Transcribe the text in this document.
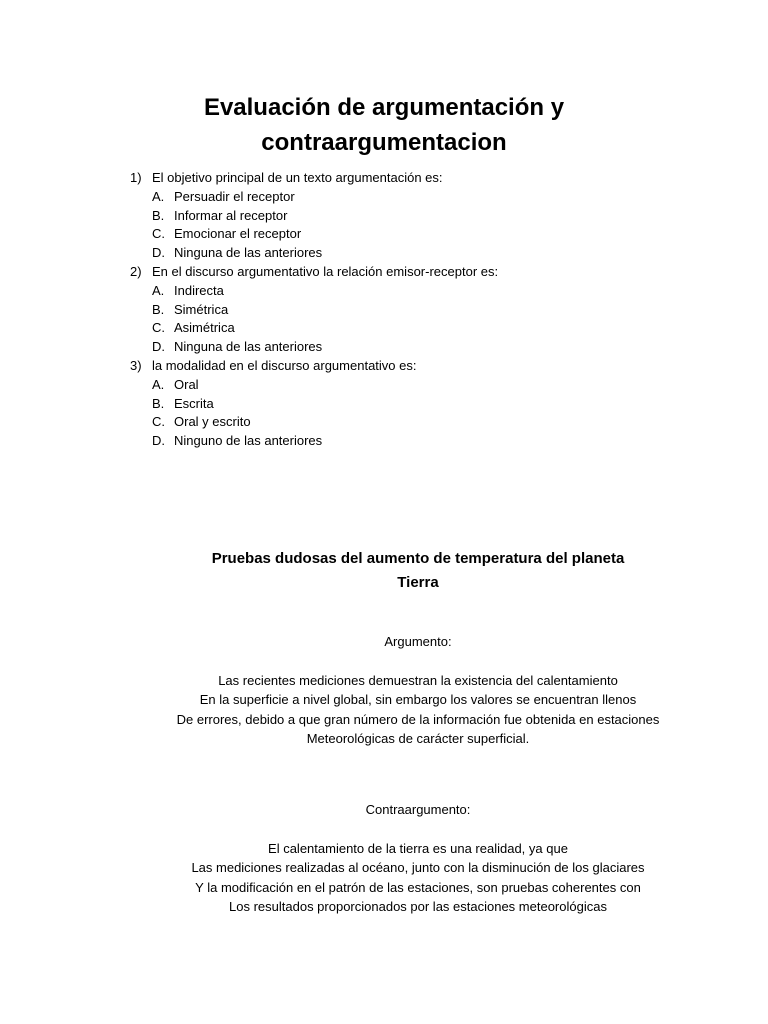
Evaluación de argumentación y
contraargumentacion
1) El objetivo principal de un texto argumentación es:
A. Persuadir el receptor
B. Informar al receptor
C. Emocionar el receptor
D. Ninguna de las anteriores
2) En el discurso argumentativo la relación emisor-receptor es:
A. Indirecta
B. Simétrica
C. Asimétrica
D. Ninguna de las anteriores
3) la modalidad en el discurso argumentativo es:
A. Oral
B. Escrita
C. Oral y escrito
D. Ninguno de las anteriores
Pruebas dudosas del aumento de temperatura del planeta
Tierra
Argumento:
Las recientes mediciones demuestran la existencia del calentamiento
En la superficie a nivel global, sin embargo los valores se encuentran llenos
De errores, debido a que gran número de la información fue obtenida en estaciones
Meteorológicas de carácter superficial.
Contraargumento:
El calentamiento de la tierra es una realidad, ya que
Las mediciones realizadas al océano, junto con la disminución de los glaciares
Y la modificación en el patrón de las estaciones, son pruebas coherentes con
Los resultados proporcionados por las estaciones meteorológicas
